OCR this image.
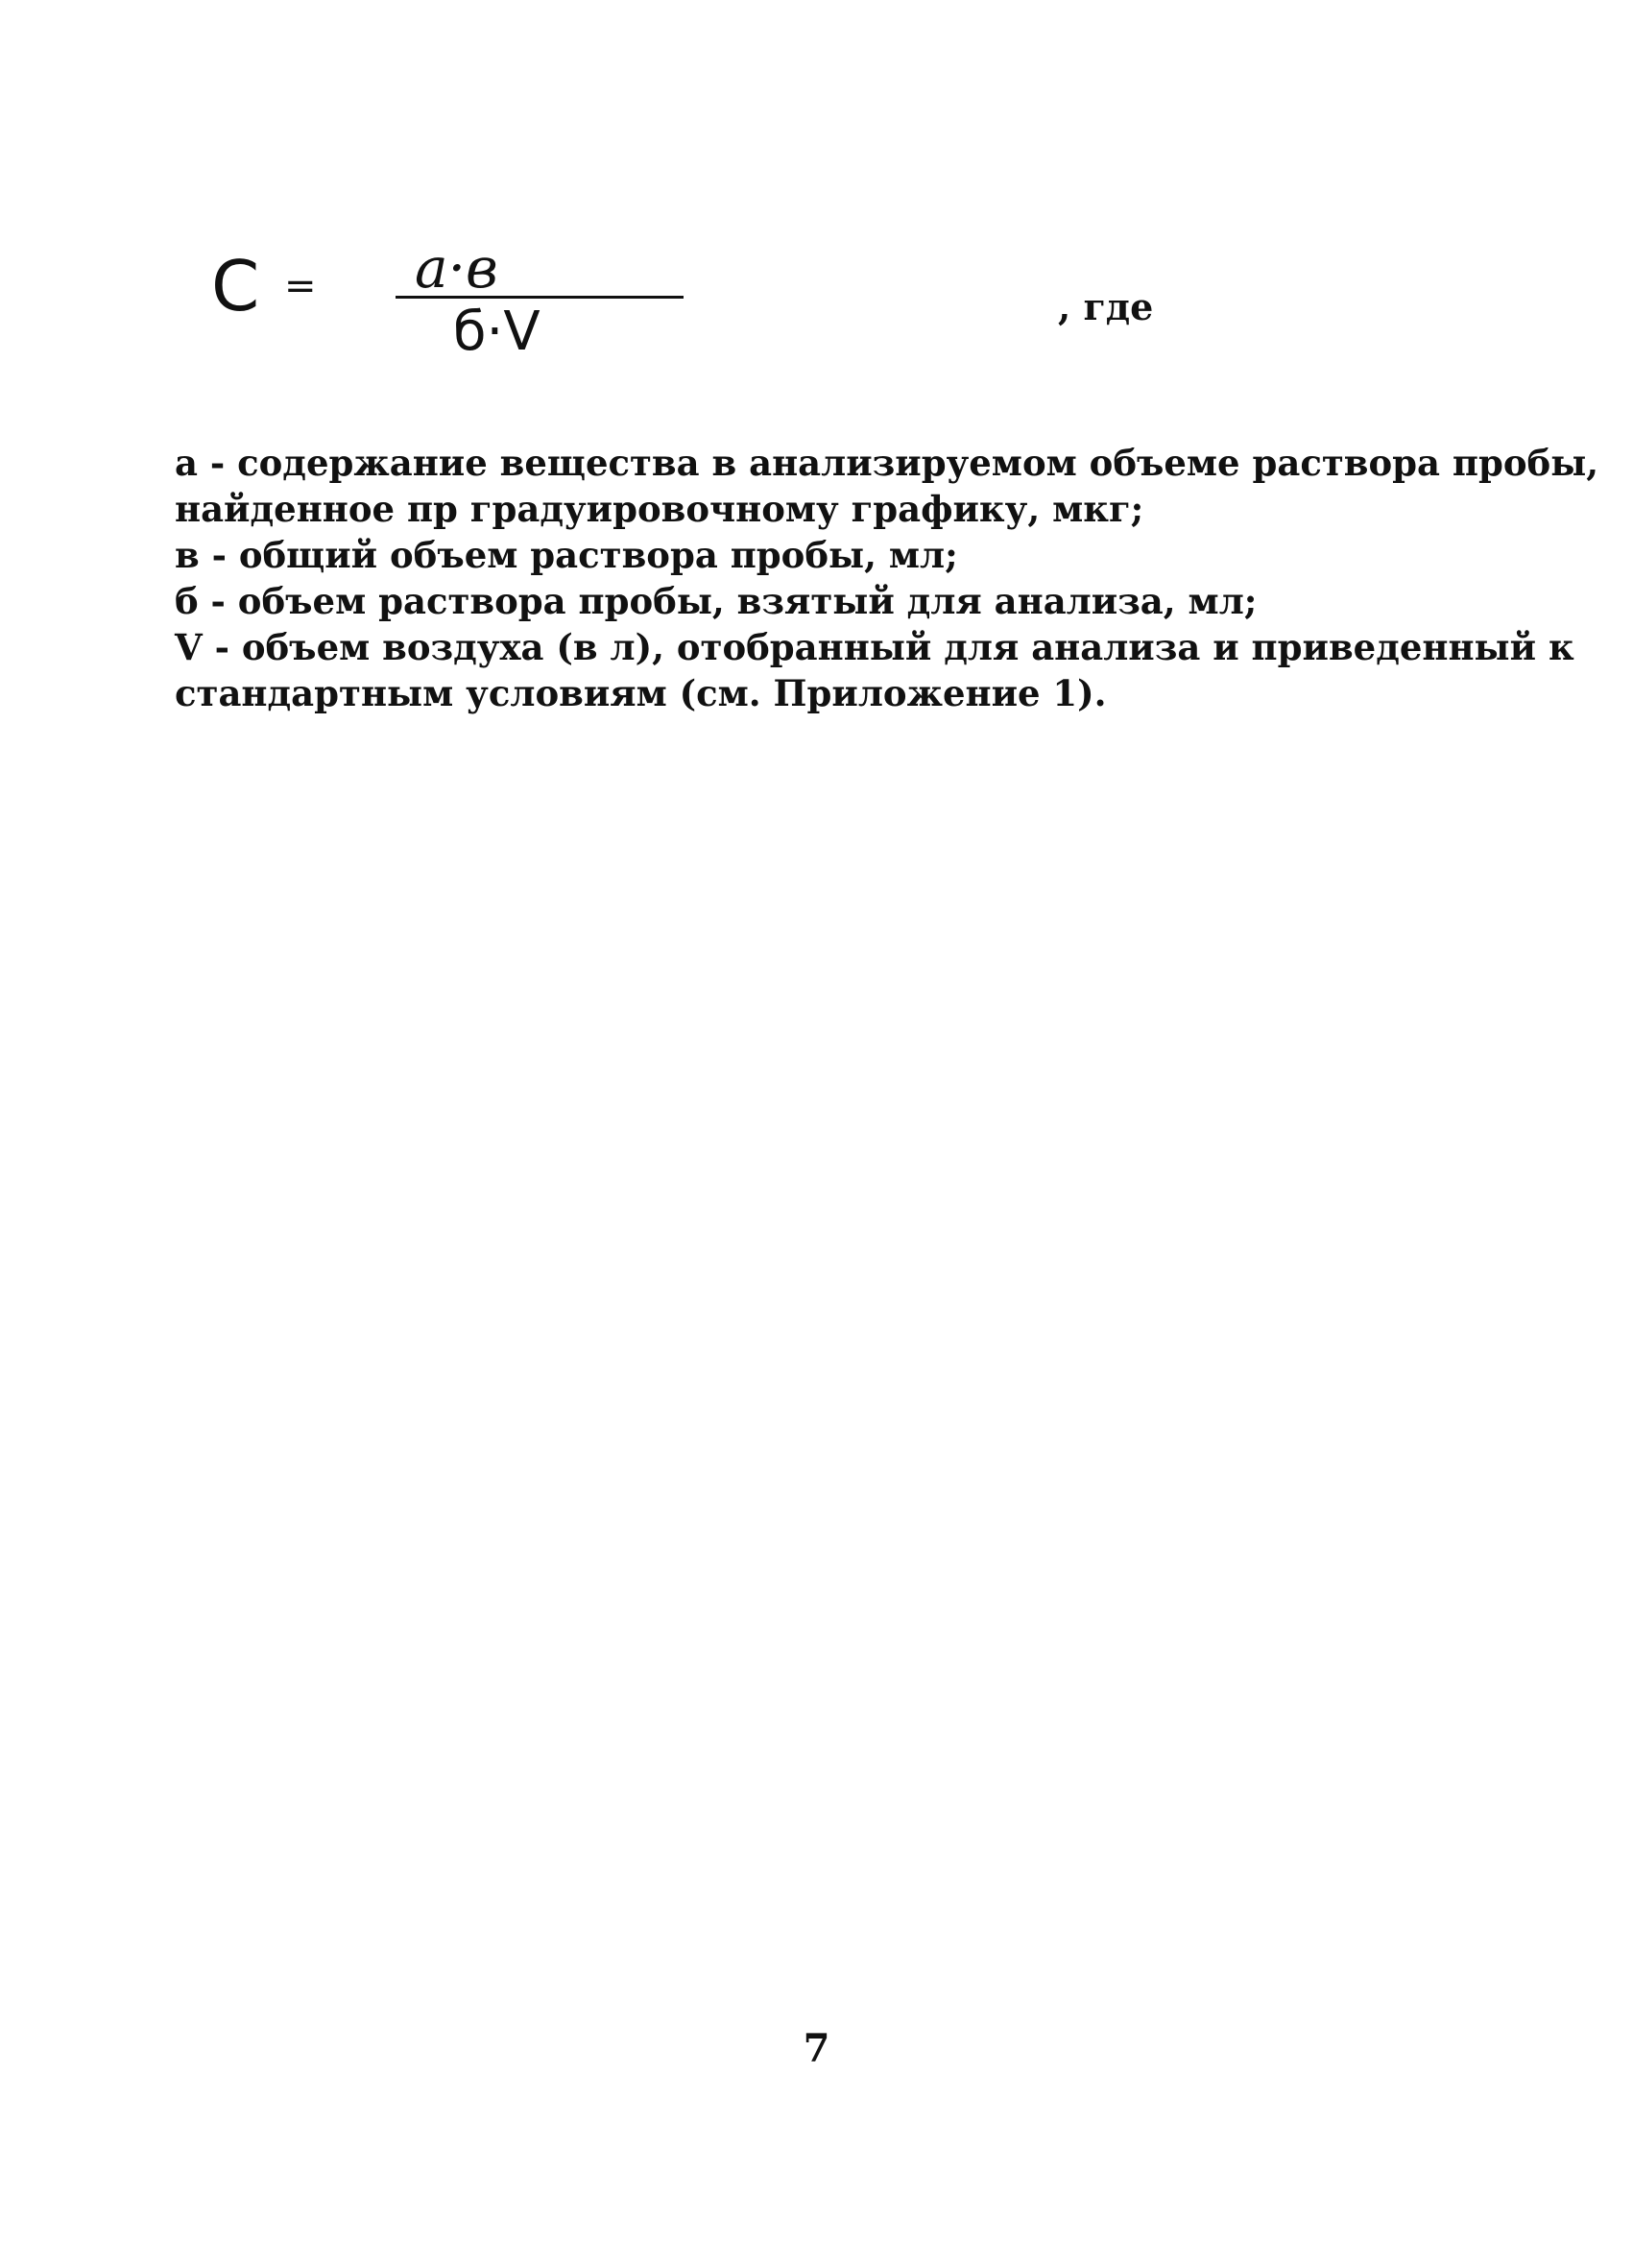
C = a·в
б·V	, где

а - содержание вещества в анализируемом объеме раствора пробы,

найденное пр градуировочному графику, мкг;

в - общий объем раствора пробы, мл;

б - объем раствора пробы, взятый для анализа, мл;

V - объем воздуха (в л), отобранный для анализа и приведенный к

стандартным условиям (см. Приложение 1).

7
